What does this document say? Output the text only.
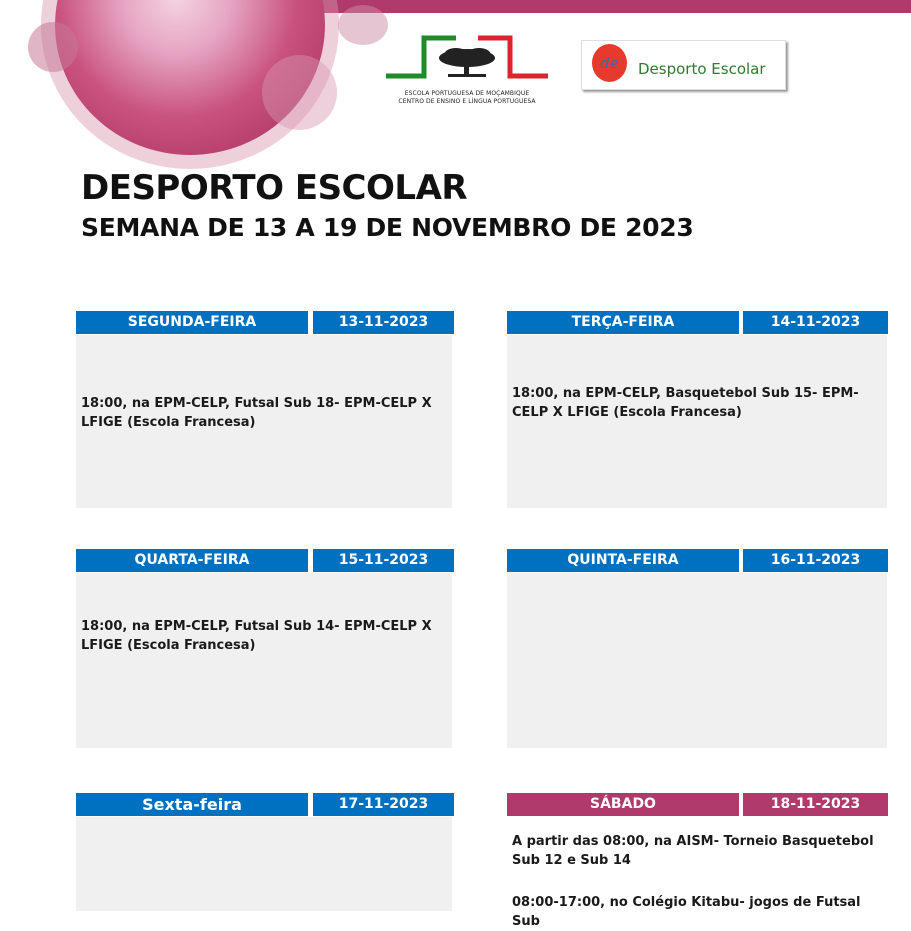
ESCOLA PORTUGUESA DE MOÇAMBIQUE
CENTRO DE ENSINO E LÍNGUA PORTUGUESA
de	Desporto Escolar
DESPORTO ESCOLAR
SEMANA DE 13 A 19 DE NOVEMBRO DE 2023
SEGUNDA-FEIRA	13-11-2023
18:00, na EPM-CELP, Futsal Sub 18- EPM-CELP X LFIGE (Escola Francesa)
TERÇA-FEIRA	14-11-2023
18:00, na EPM-CELP, Basquetebol Sub 15- EPM-CELP X LFIGE (Escola Francesa)
QUARTA-FEIRA	15-11-2023
18:00, na EPM-CELP, Futsal Sub 14- EPM-CELP X LFIGE (Escola Francesa)
QUINTA-FEIRA	16-11-2023
Sexta-feira	17-11-2023	SÁBADO	18-11-2023
A partir das 08:00, na AISM- Torneio Basquetebol Sub 12 e Sub 14
08:00-17:00, no Colégio Kitabu- jogos de Futsal Sub
